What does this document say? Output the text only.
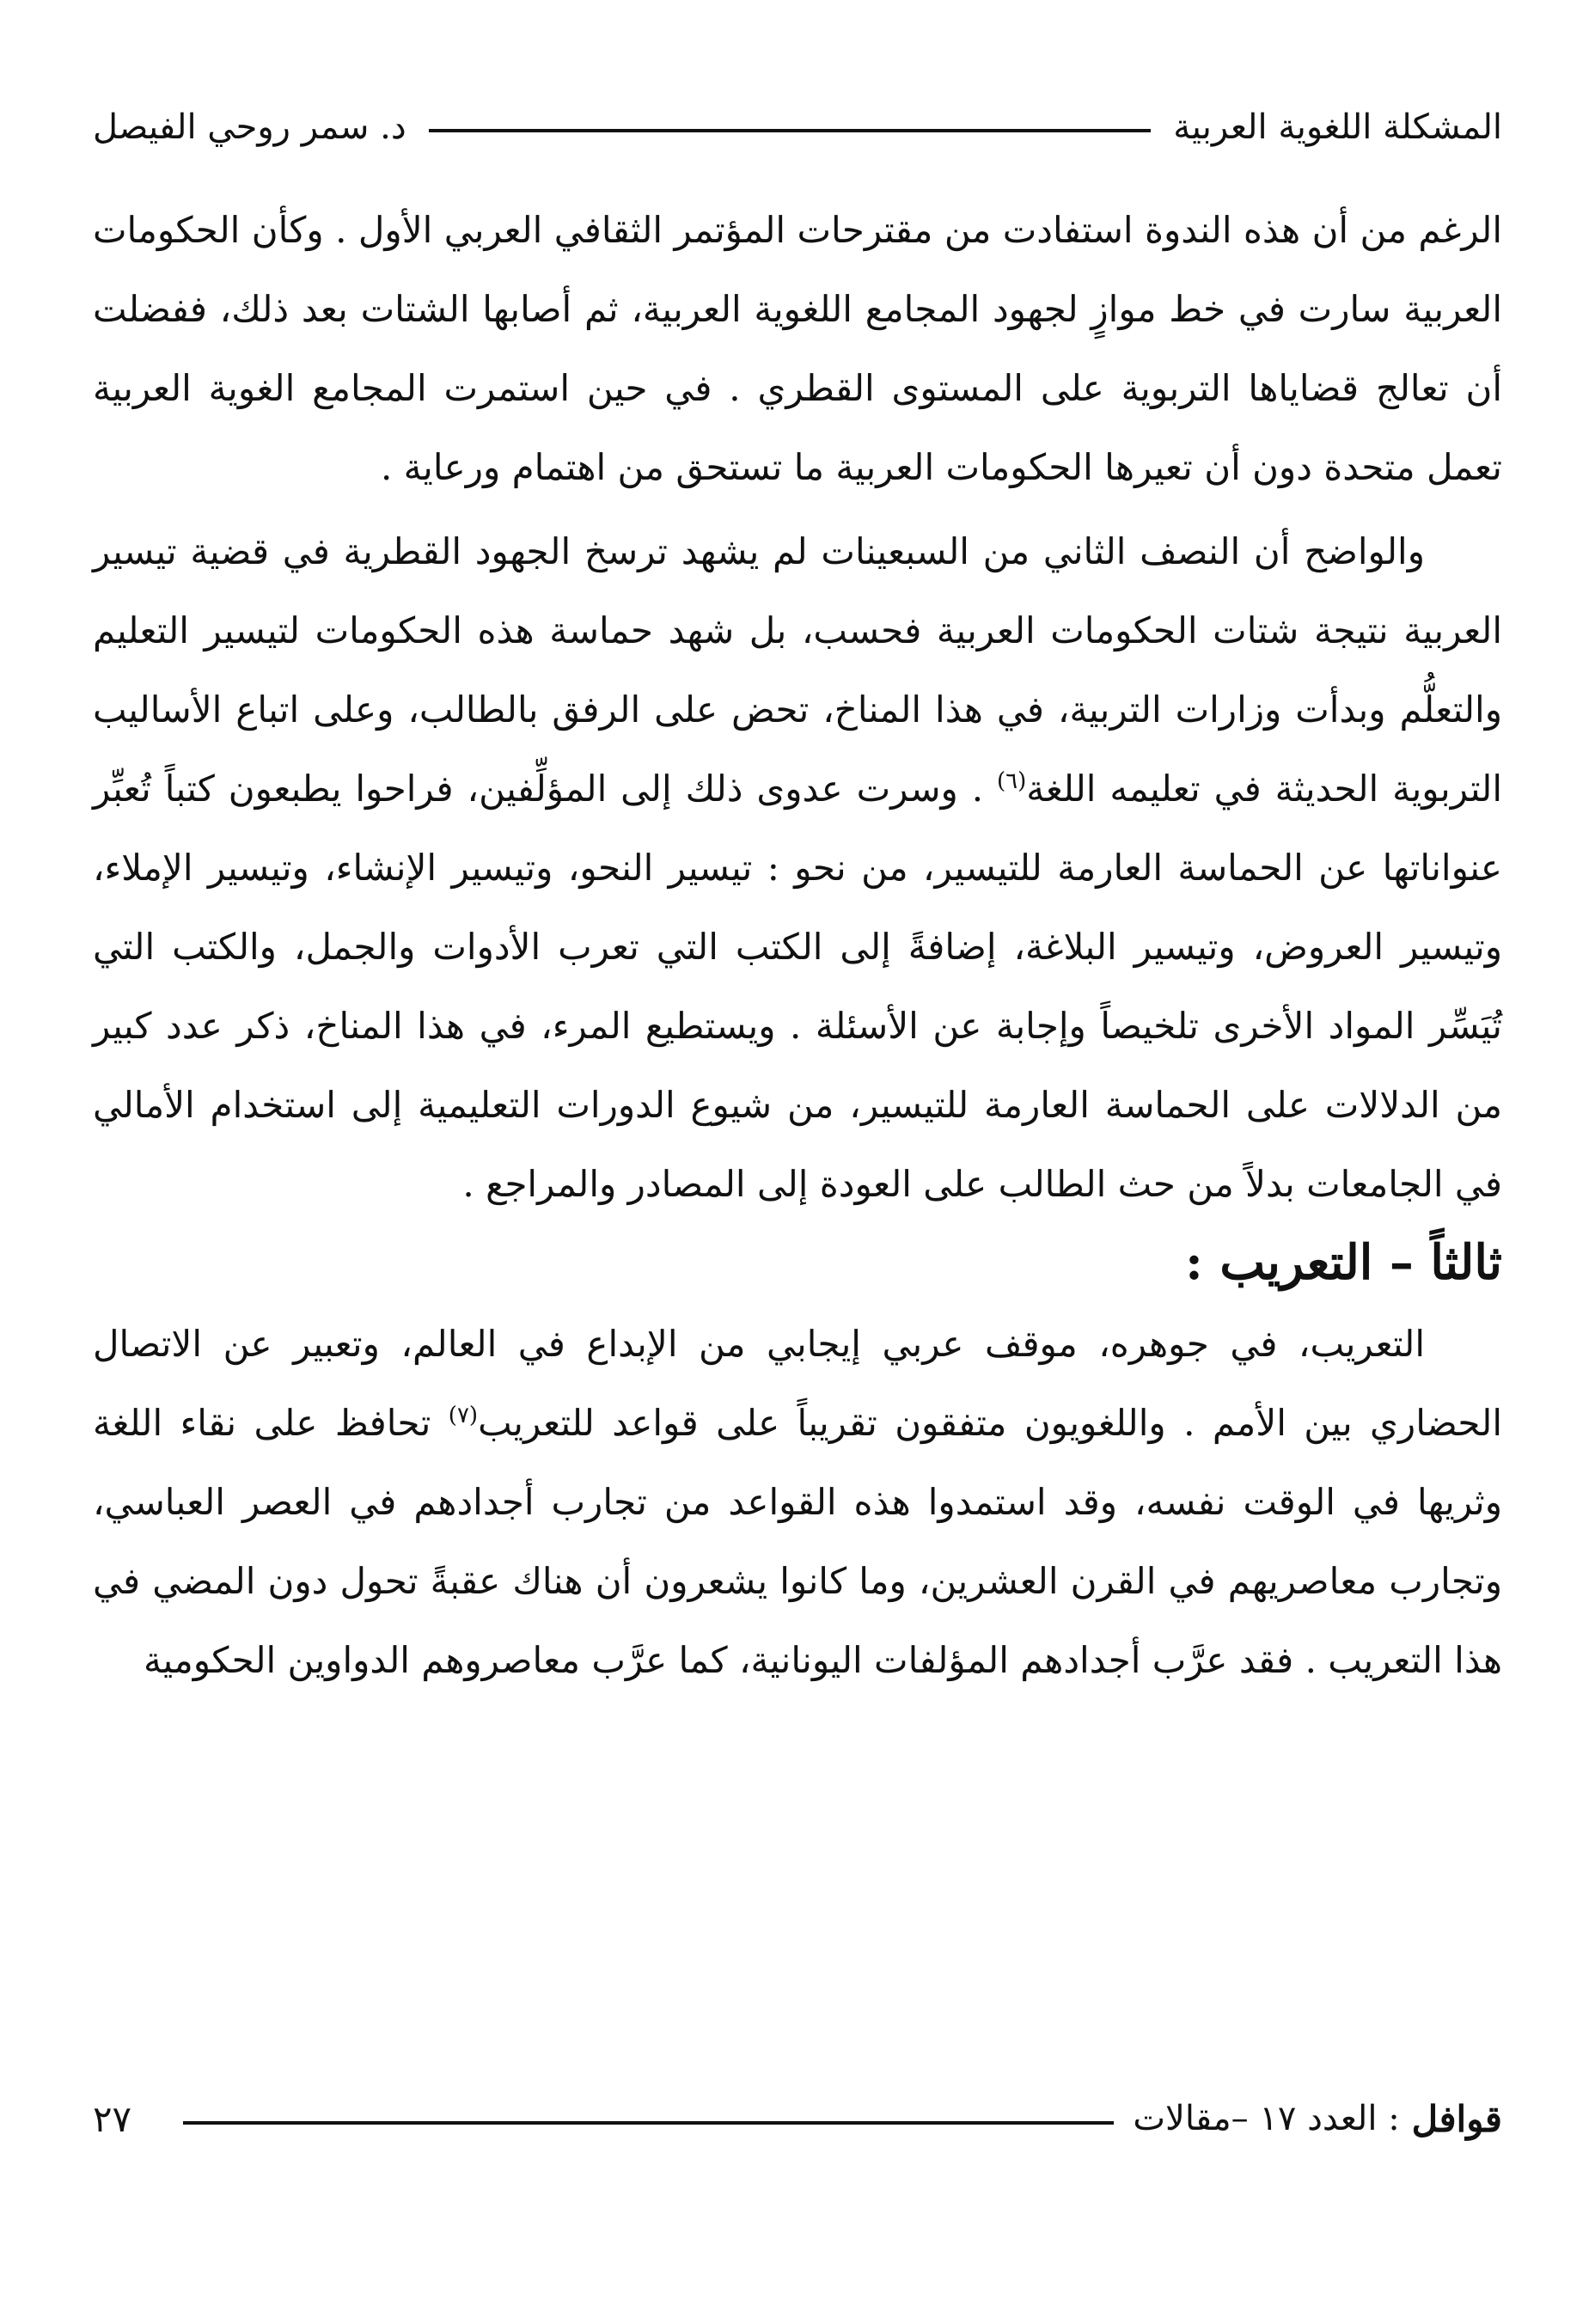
المشكلة اللغوية العربية
د. سمر روحي الفيصل

الرغم من أن هذه الندوة استفادت من مقترحات المؤتمر الثقافي العربي الأول . وكأن الحكومات العربية سارت في خط موازٍ لجهود المجامع اللغوية العربية، ثم أصابها الشتات بعد ذلك، ففضلت أن تعالج قضاياها التربوية على المستوى القطري . في حين استمرت المجامع الغوية العربية تعمل متحدة دون أن تعيرها الحكومات العربية ما تستحق من اهتمام ورعاية .

والواضح أن النصف الثاني من السبعينات لم يشهد ترسخ الجهود القطرية في قضية تيسير العربية نتيجة شتات الحكومات العربية فحسب، بل شهد حماسة هذه الحكومات لتيسير التعليم والتعلُّم وبدأت وزارات التربية، في هذا المناخ، تحض على الرفق بالطالب، وعلى اتباع الأساليب التربوية الحديثة في تعليمه اللغة$^{(٦)}$ . وسرت عدوى ذلك إلى المؤلِّفين، فراحوا يطبعون كتباً تُعبِّر عنواناتها عن الحماسة العارمة للتيسير، من نحو : تيسير النحو، وتيسير الإنشاء، وتيسير الإملاء، وتيسير العروض، وتيسير البلاغة، إضافةً إلى الكتب التي تعرب الأدوات والجمل، والكتب التي تُيَسِّر المواد الأخرى تلخيصاً وإجابة عن الأسئلة . ويستطيع المرء، في هذا المناخ، ذكر عدد كبير من الدلالات على الحماسة العارمة للتيسير، من شيوع الدورات التعليمية إلى استخدام الأمالي في الجامعات بدلاً من حث الطالب على العودة إلى المصادر والمراجع .

ثالثاً – التعريب :

التعريب، في جوهره، موقف عربي إيجابي من الإبداع في العالم، وتعبير عن الاتصال الحضاري بين الأمم . واللغويون متفقون تقريباً على قواعد للتعريب$^{(٧)}$ تحافظ على نقاء اللغة وثريها في الوقت نفسه، وقد استمدوا هذه القواعد من تجارب أجدادهم في العصر العباسي، وتجارب معاصريهم في القرن العشرين، وما كانوا يشعرون أن هناك عقبةً تحول دون المضي في هذا التعريب . فقد عرَّب أجدادهم المؤلفات اليونانية، كما عرَّب معاصروهم الدواوين الحكومية

قوافل
: العدد ١٧ –مقالات
٢٧
